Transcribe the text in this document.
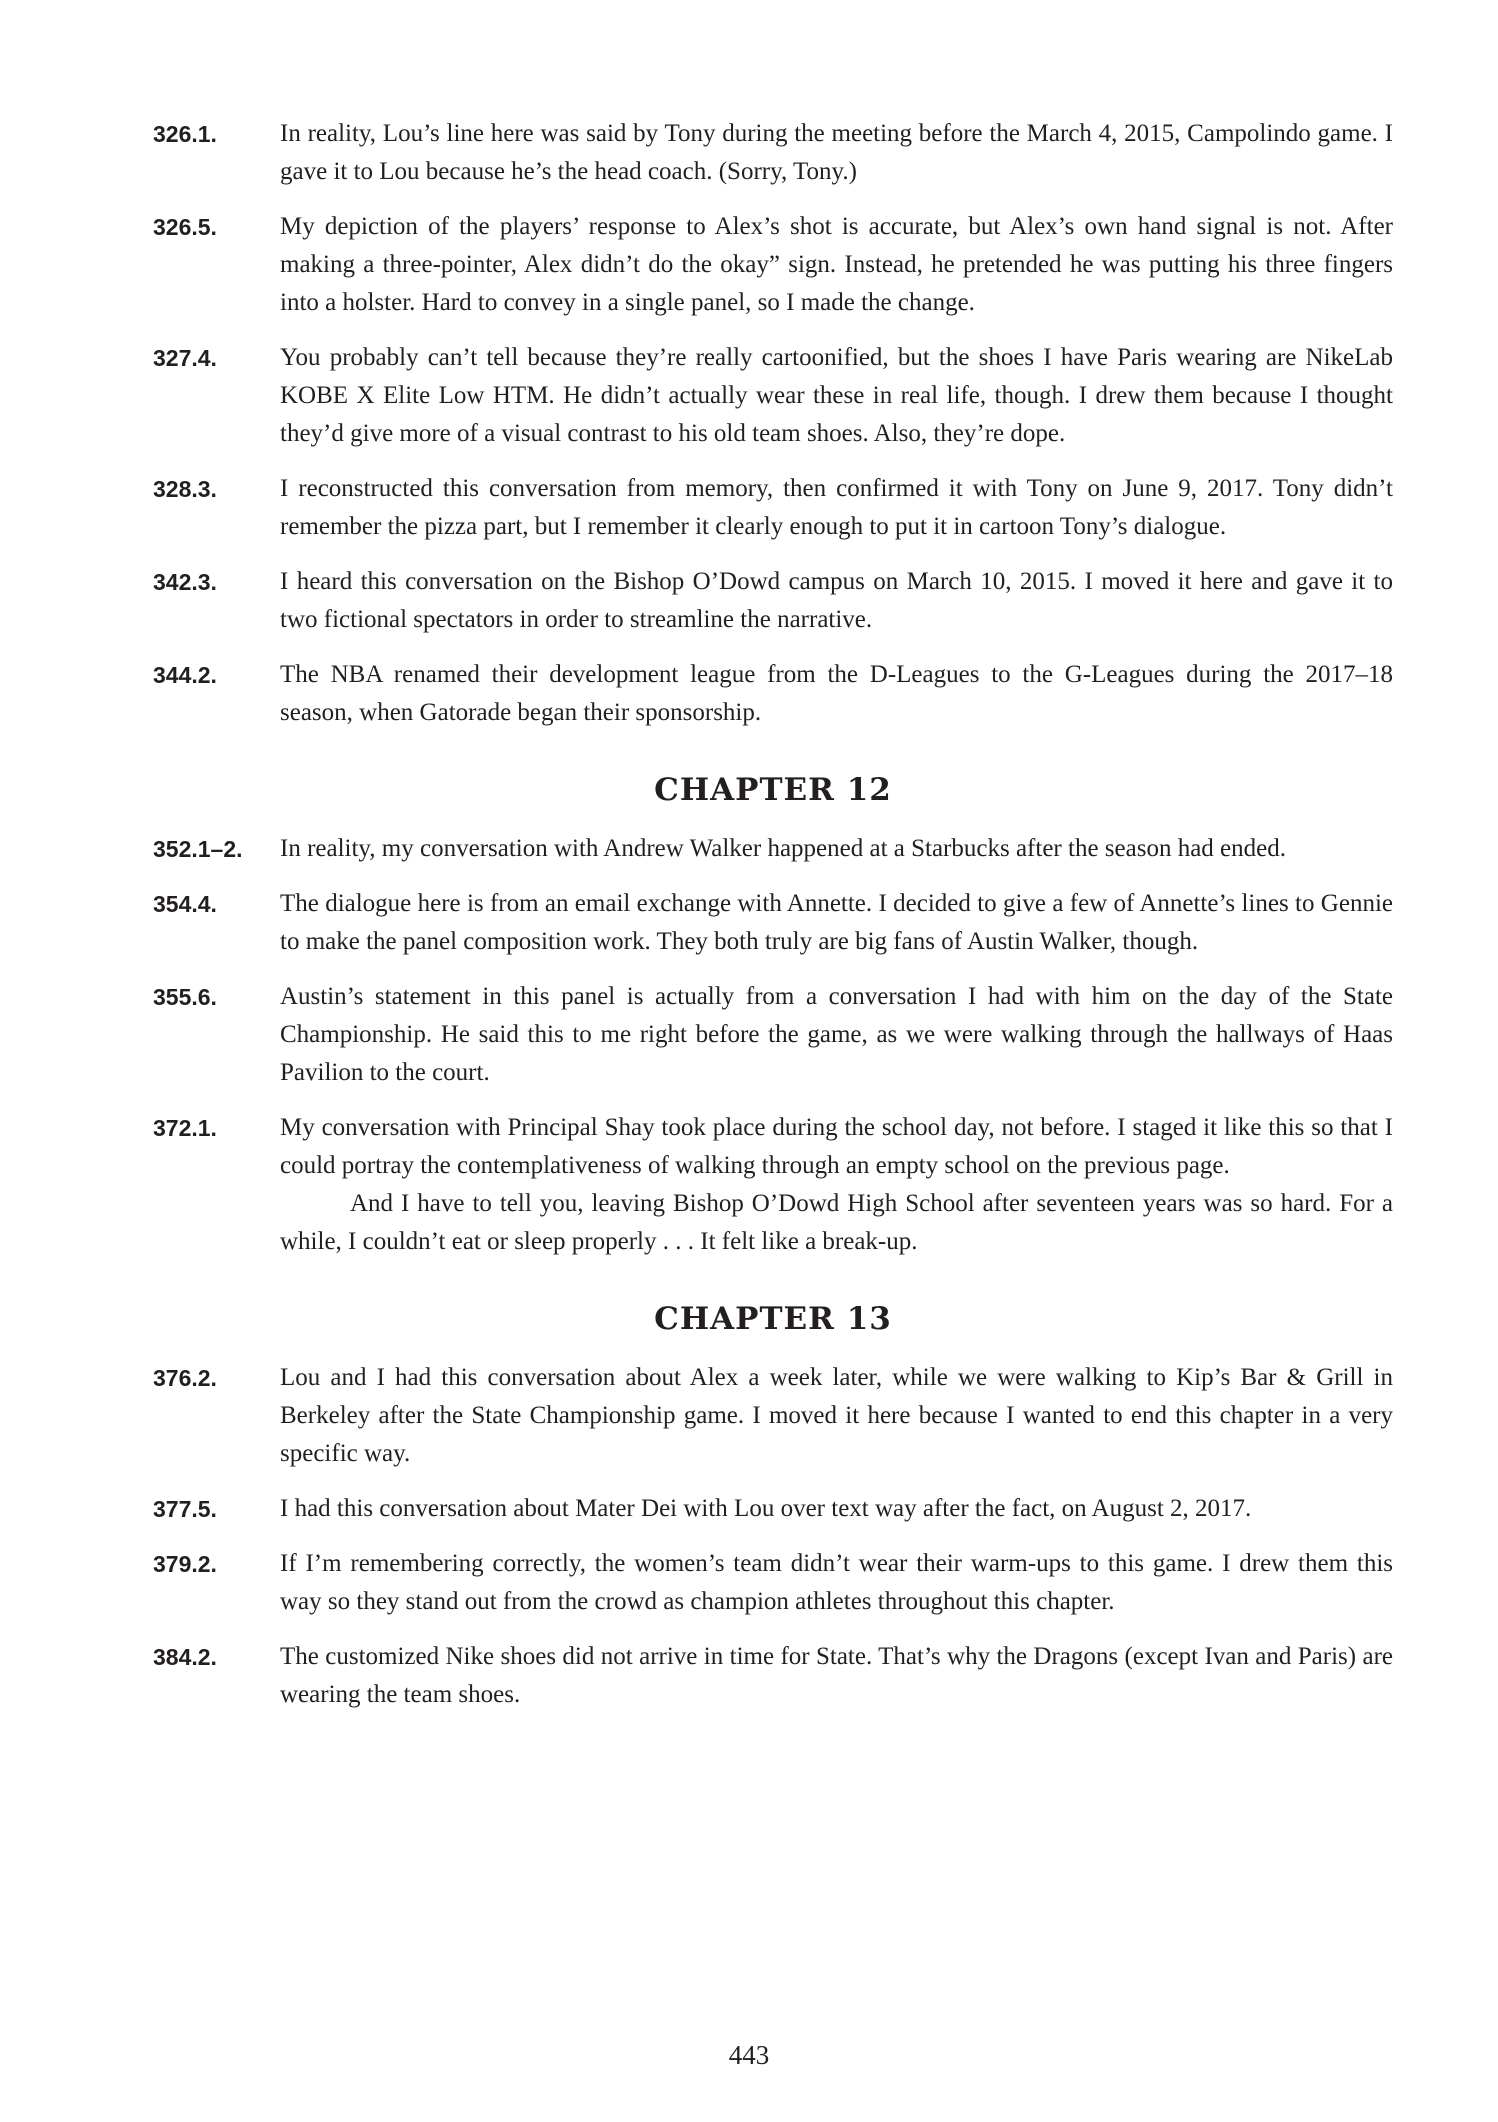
326.1.	In reality, Lou’s line here was said by Tony during the meeting before the March 4, 2015, Campolindo game. I gave it to Lou because he’s the head coach. (Sorry, Tony.)

326.5.	My depiction of the players’ response to Alex’s shot is accurate, but Alex’s own hand signal is not. After making a three-pointer, Alex didn’t do the okay” sign. Instead, he pretended he was putting his three fingers into a holster. Hard to convey in a single panel, so I made the change.

327.4.	You probably can’t tell because they’re really cartoonified, but the shoes I have Paris wearing are NikeLab KOBE X Elite Low HTM. He didn’t actually wear these in real life, though. I drew them because I thought they’d give more of a visual contrast to his old team shoes. Also, they’re dope.

328.3.	I reconstructed this conversation from memory, then confirmed it with Tony on June 9, 2017. Tony didn’t remember the pizza part, but I remember it clearly enough to put it in cartoon Tony’s dialogue.

342.3.	I heard this conversation on the Bishop O’Dowd campus on March 10, 2015. I moved it here and gave it to two fictional spectators in order to streamline the narrative.

344.2.	The NBA renamed their development league from the D-Leagues to the G-Leagues during the 2017–18 season, when Gatorade began their sponsorship.

CHAPTER 12
352.1–2.	In reality, my conversation with Andrew Walker happened at a Starbucks after the season had ended.

354.4.	The dialogue here is from an email exchange with Annette. I decided to give a few of Annette’s lines to Gennie to make the panel composition work. They both truly are big fans of Austin Walker, though.

355.6.	Austin’s statement in this panel is actually from a conversation I had with him on the day of the State Championship. He said this to me right before the game, as we were walking through the hallways of Haas Pavilion to the court.

372.1.	My conversation with Principal Shay took place during the school day, not before. I staged it like this so that I could portray the contemplativeness of walking through an empty school on the previous page.

And I have to tell you, leaving Bishop O’Dowd High School after seventeen years was so hard. For a while, I couldn’t eat or sleep properly . . . It felt like a break-up.

CHAPTER 13
376.2.	Lou and I had this conversation about Alex a week later, while we were walking to Kip’s Bar & Grill in Berkeley after the State Championship game. I moved it here because I wanted to end this chapter in a very specific way.

377.5.	I had this conversation about Mater Dei with Lou over text way after the fact, on August 2, 2017.

379.2.	If I’m remembering correctly, the women’s team didn’t wear their warm-ups to this game. I drew them this way so they stand out from the crowd as champion athletes throughout this chapter.

384.2.	The customized Nike shoes did not arrive in time for State. That’s why the Dragons (except Ivan and Paris) are wearing the team shoes.

443
